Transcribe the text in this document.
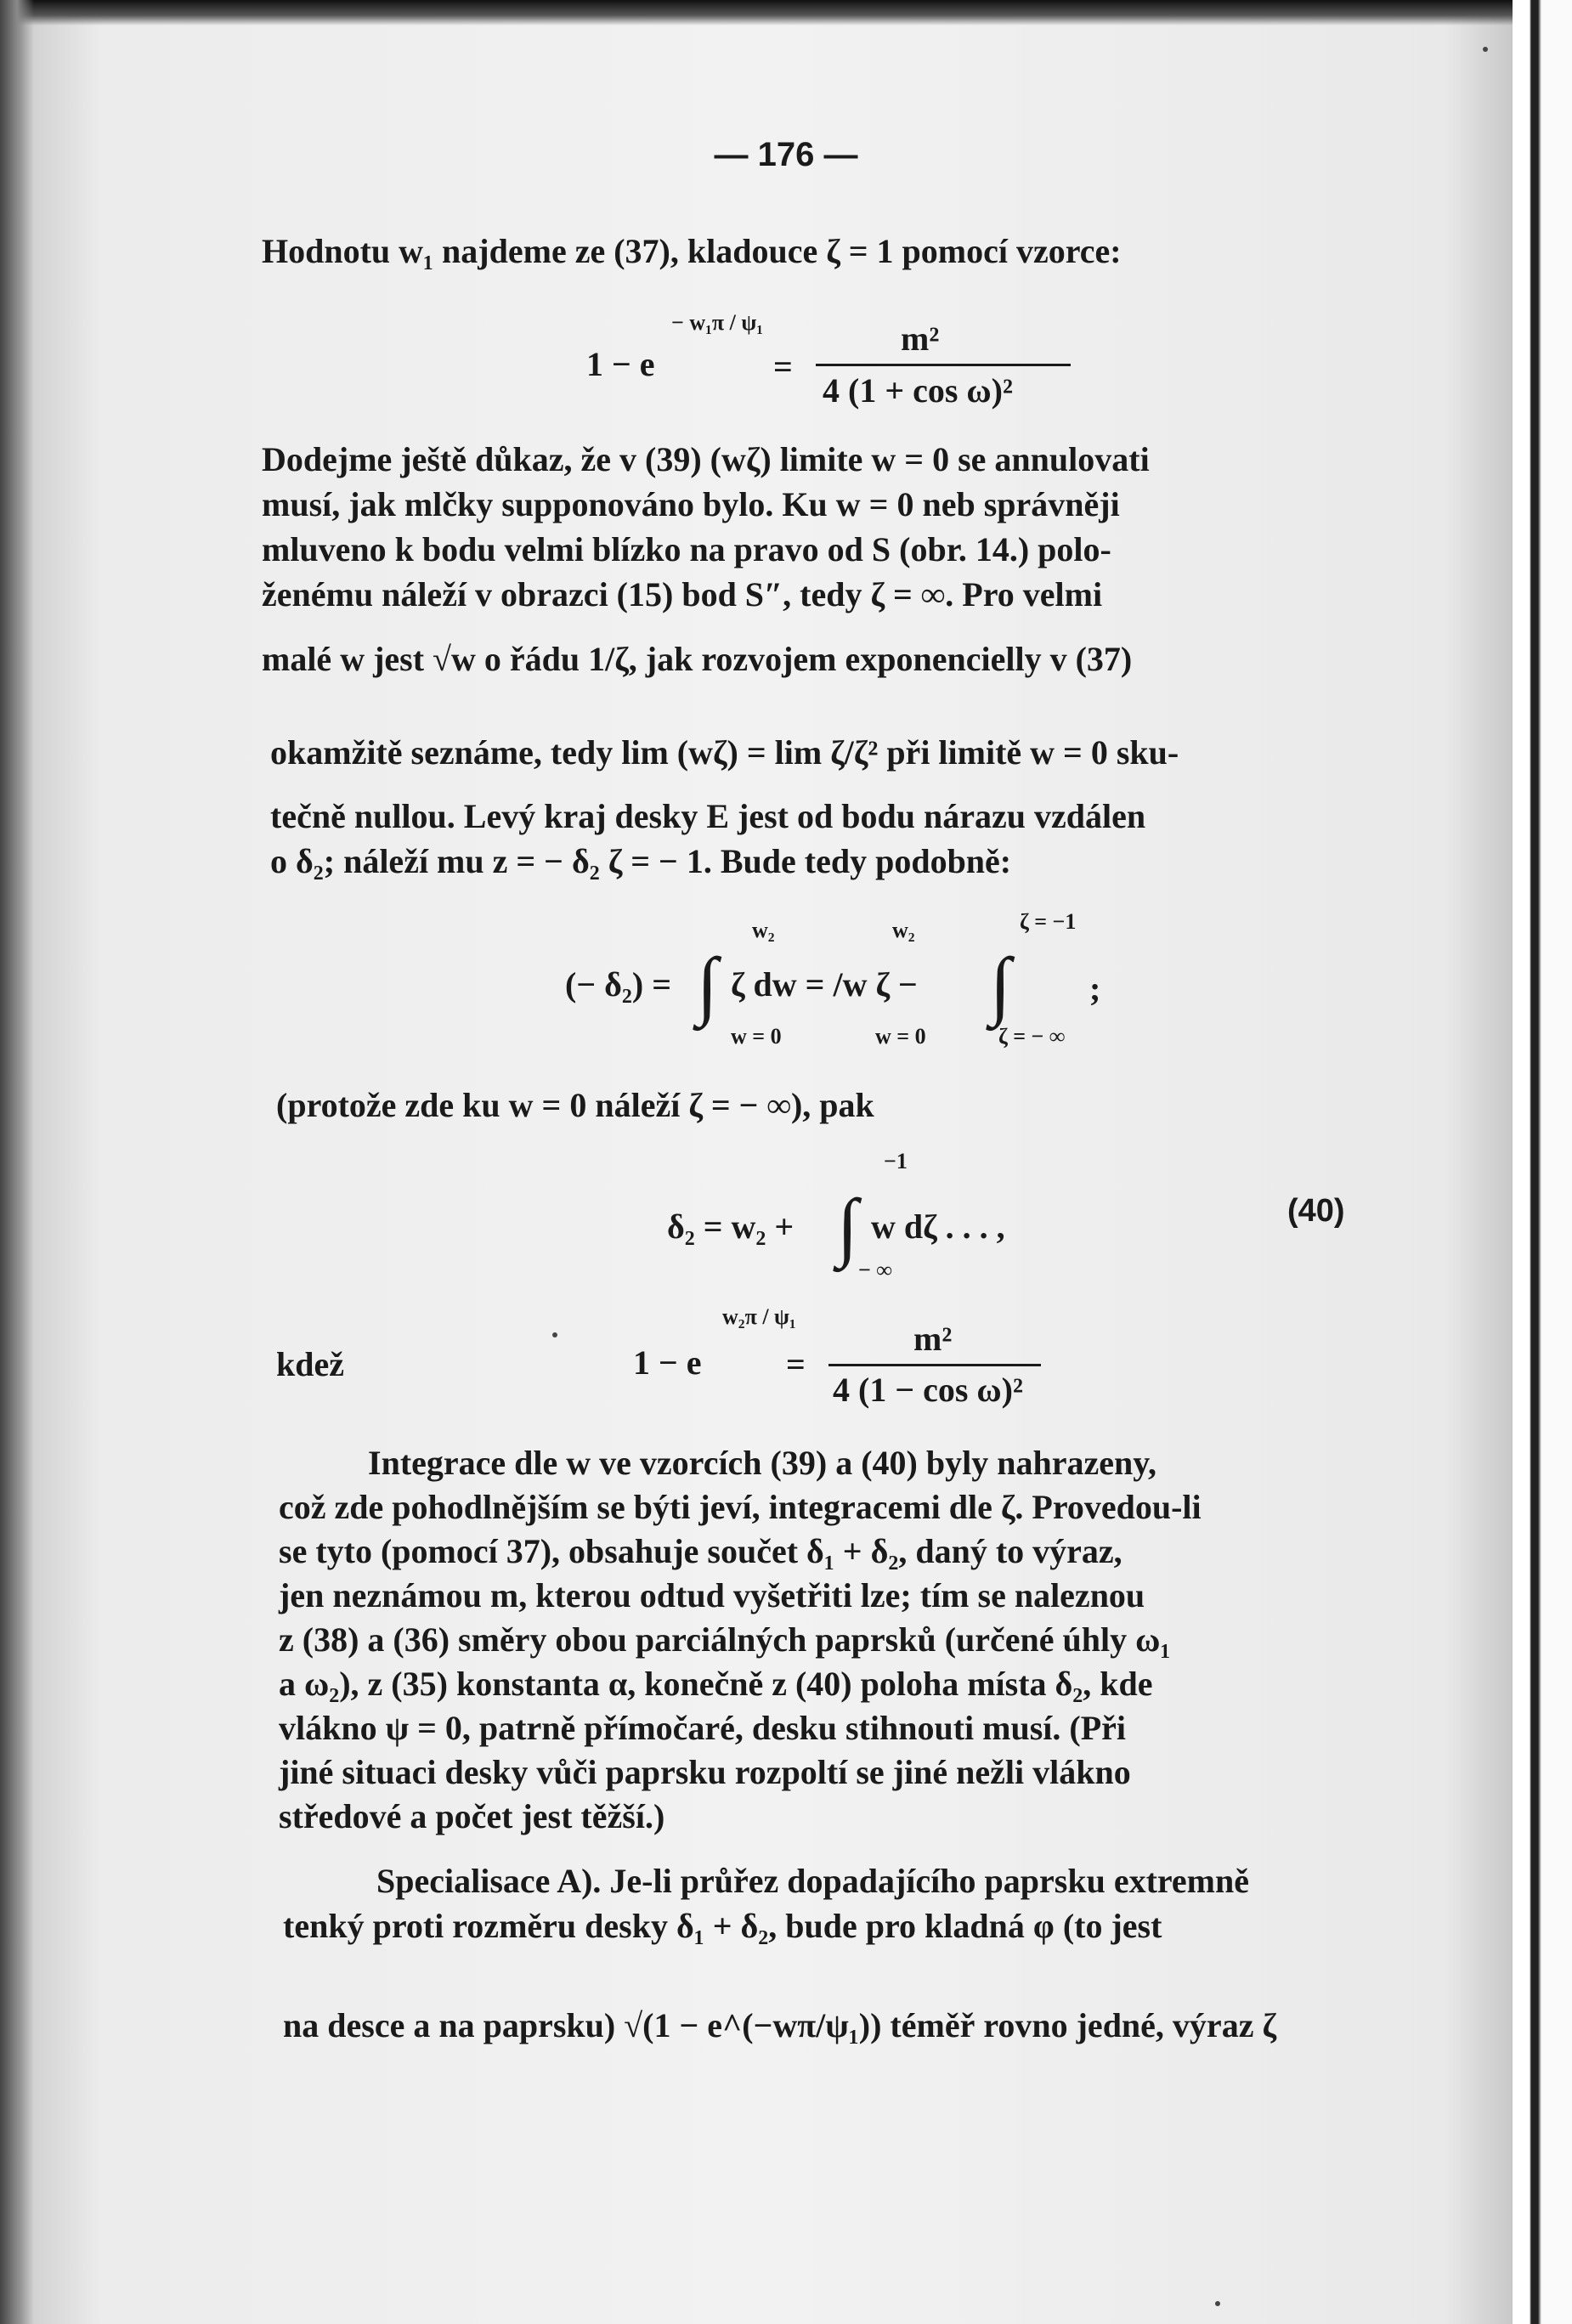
— 176 —
Hodnotu w₁ najdeme ze (37), kladouce ζ = 1 pomocí vzorce:
1 − e
− w₁π / ψ₁
=
m²
4 (1 + cos ω)²
Dodejme ještě důkaz, že v (39) (wζ) limite w = 0 se annulovati
musí, jak mlčky supponováno bylo. Ku w = 0 neb správněji
mluveno k bodu velmi blízko na pravo od S (obr. 14.) polo-
ženému náleží v obrazci (15) bod S″, tedy ζ = ∞. Pro velmi
malé w jest √w o řádu 1/ζ, jak rozvojem exponencielly v (37)
okamžitě seznáme, tedy lim (wζ) = lim ζ/ζ² při limitě w = 0 sku-
tečně nullou. Levý kraj desky E jest od bodu nárazu vzdálen
o δ₂; náleží mu z = − δ₂ ζ = − 1. Bude tedy podobně:
w₂	w₂	ζ = −1
(− δ₂) = ∫ ζ dw = /w ζ − ∫ ;
w = 0	w = 0	ζ = − ∞
(protože zde ku w = 0 náleží ζ = − ∞), pak
−1
δ₂ = w₂ + ∫ w dζ . . . ,
− ∞
(40)
kdež
w₂π / ψ₁
1 − e =
m²
4 (1 − cos ω)²
Integrace dle w ve vzorcích (39) a (40) byly nahrazeny,
což zde pohodlnějším se býti jeví, integracemi dle ζ. Provedou-li
se tyto (pomocí 37), obsahuje součet δ₁ + δ₂, daný to výraz,
jen neznámou m, kterou odtud vyšetřiti lze; tím se naleznou
z (38) a (36) směry obou parciálných paprsků (určené úhly ω₁
a ω₂), z (35) konstanta α, konečně z (40) poloha místa δ₂, kde
vlákno ψ = 0, patrně přímočaré, desku stihnouti musí. (Při
jiné situaci desky vůči paprsku rozpoltí se jiné nežli vlákno
středové a počet jest těžší.)
Specialisace A). Je-li průřez dopadajícího paprsku extremně
tenký proti rozměru desky δ₁ + δ₂, bude pro kladná φ (to jest
na desce a na paprsku) √(1 − e^(−wπ/ψ₁)) téměř rovno jedné, výraz ζ
